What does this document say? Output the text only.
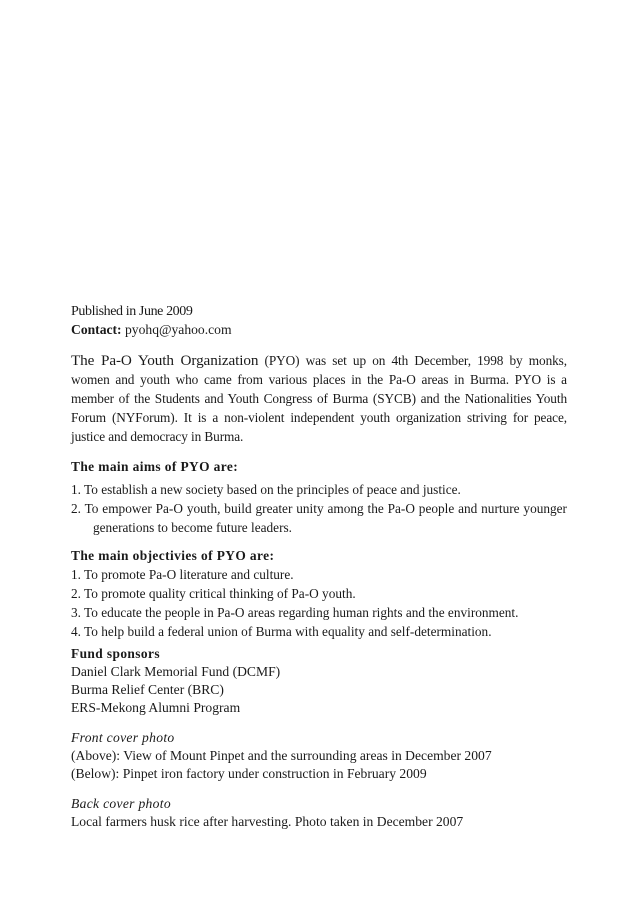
Published in June 2009

Contact: pyohq@yahoo.com

The Pa-O Youth Organization (PYO) was set up on 4th December, 1998 by monks, women and youth who came from various places in the Pa-O areas in Burma. PYO is a member of the Students and Youth Congress of Burma (SYCB) and the Nationalities Youth Forum (NYForum). It is a non-violent independent youth organization striving for peace, justice and democracy in Burma.

The main aims of PYO are:

1. To establish a new society based on the principles of peace and justice.

2. To empower Pa-O youth, build greater unity among the Pa-O people and nurture younger generations to become future leaders.

The main objectivies of PYO are:

1. To promote Pa-O literature and culture.

2. To promote quality critical thinking of Pa-O youth.

3. To educate the people in Pa-O areas regarding human rights and the environment.

4. To help build a federal union of Burma with equality and self-determination.

Fund sponsors

Daniel Clark Memorial Fund (DCMF)

Burma Relief Center (BRC)

ERS-Mekong Alumni Program

Front cover photo

(Above): View of Mount Pinpet and the surrounding areas in December 2007

(Below): Pinpet iron factory under construction in February 2009

Back cover photo

Local farmers husk rice after harvesting. Photo taken in December 2007
